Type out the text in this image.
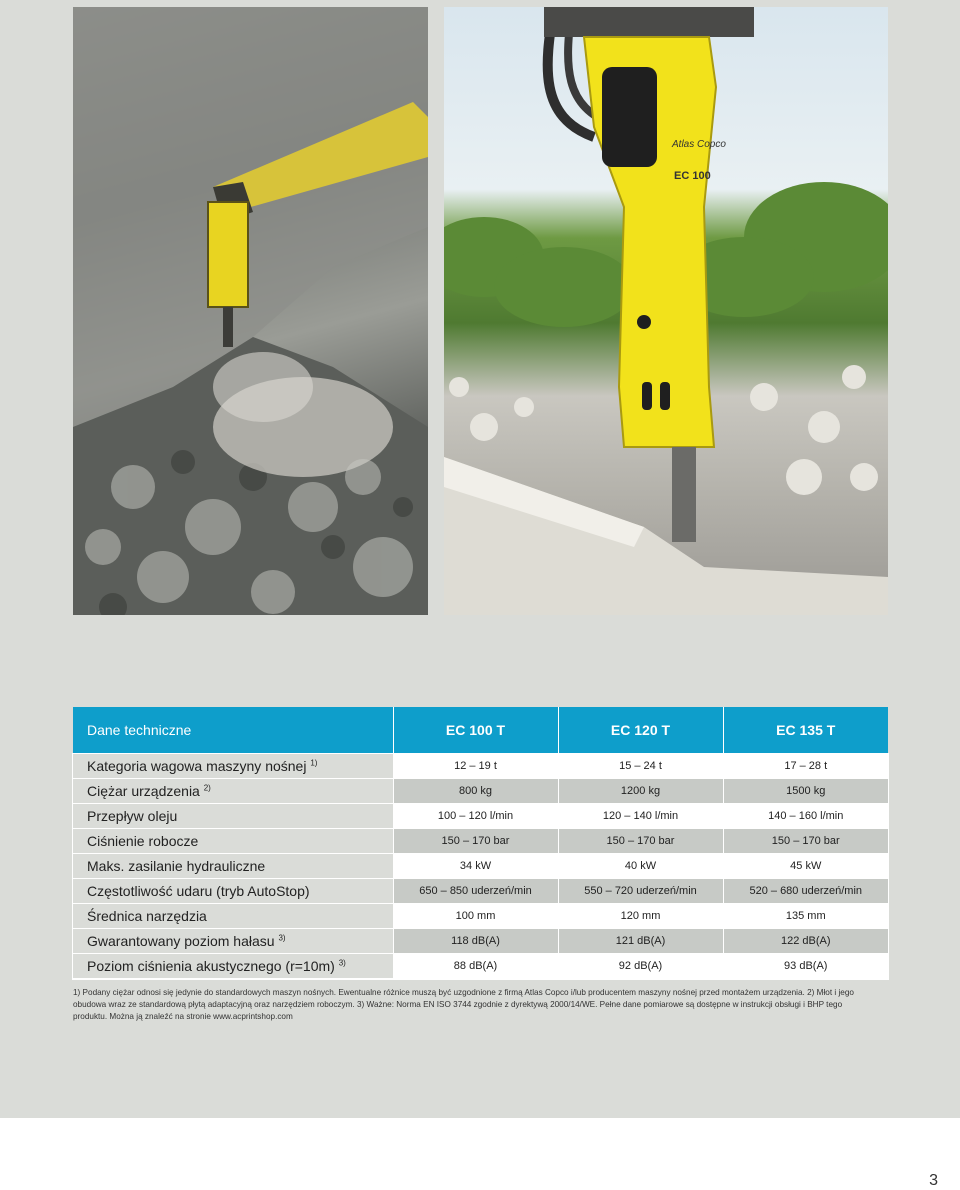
Atlas Copco
EC 100
Dane techniczne	EC 100 T	EC 120 T	EC 135 T
Kategoria wagowa maszyny nośnej $^{1)}$	12 – 19 t	15 – 24 t	17 – 28 t
Ciężar urządzenia $^{2)}$	800 kg	1200 kg	1500 kg
Przepływ oleju	100 – 120 l/min	120 – 140 l/min	140 – 160 l/min
Ciśnienie robocze	150 – 170 bar	150 – 170 bar	150 – 170 bar
Maks. zasilanie hydrauliczne	34 kW	40 kW	45 kW
Częstotliwość udaru (tryb AutoStop)	650 – 850 uderzeń/min	550 – 720 uderzeń/min	520 – 680 uderzeń/min
Średnica narzędzia	100 mm	120 mm	135 mm
Gwarantowany poziom hałasu $^{3)}$	118 dB(A)	121 dB(A)	122 dB(A)
Poziom ciśnienia akustycznego (r=10m) $^{3)}$	88 dB(A)	92 dB(A)	93 dB(A)
1) Podany ciężar odnosi się jedynie do standardowych maszyn nośnych. Ewentualne różnice muszą być uzgodnione z firmą Atlas Copco i/lub producentem maszyny nośnej przed montażem urządzenia. 2) Młot i jego obudowa wraz ze standardową płytą adaptacyjną oraz narzędziem roboczym. 3) Ważne: Norma EN ISO 3744 zgodnie z dyrektywą 2000/14/WE. Pełne dane pomiarowe są dostępne w instrukcji obsługi i BHP tego produktu. Można ją znaleźć na stronie www.acprintshop.com
3
